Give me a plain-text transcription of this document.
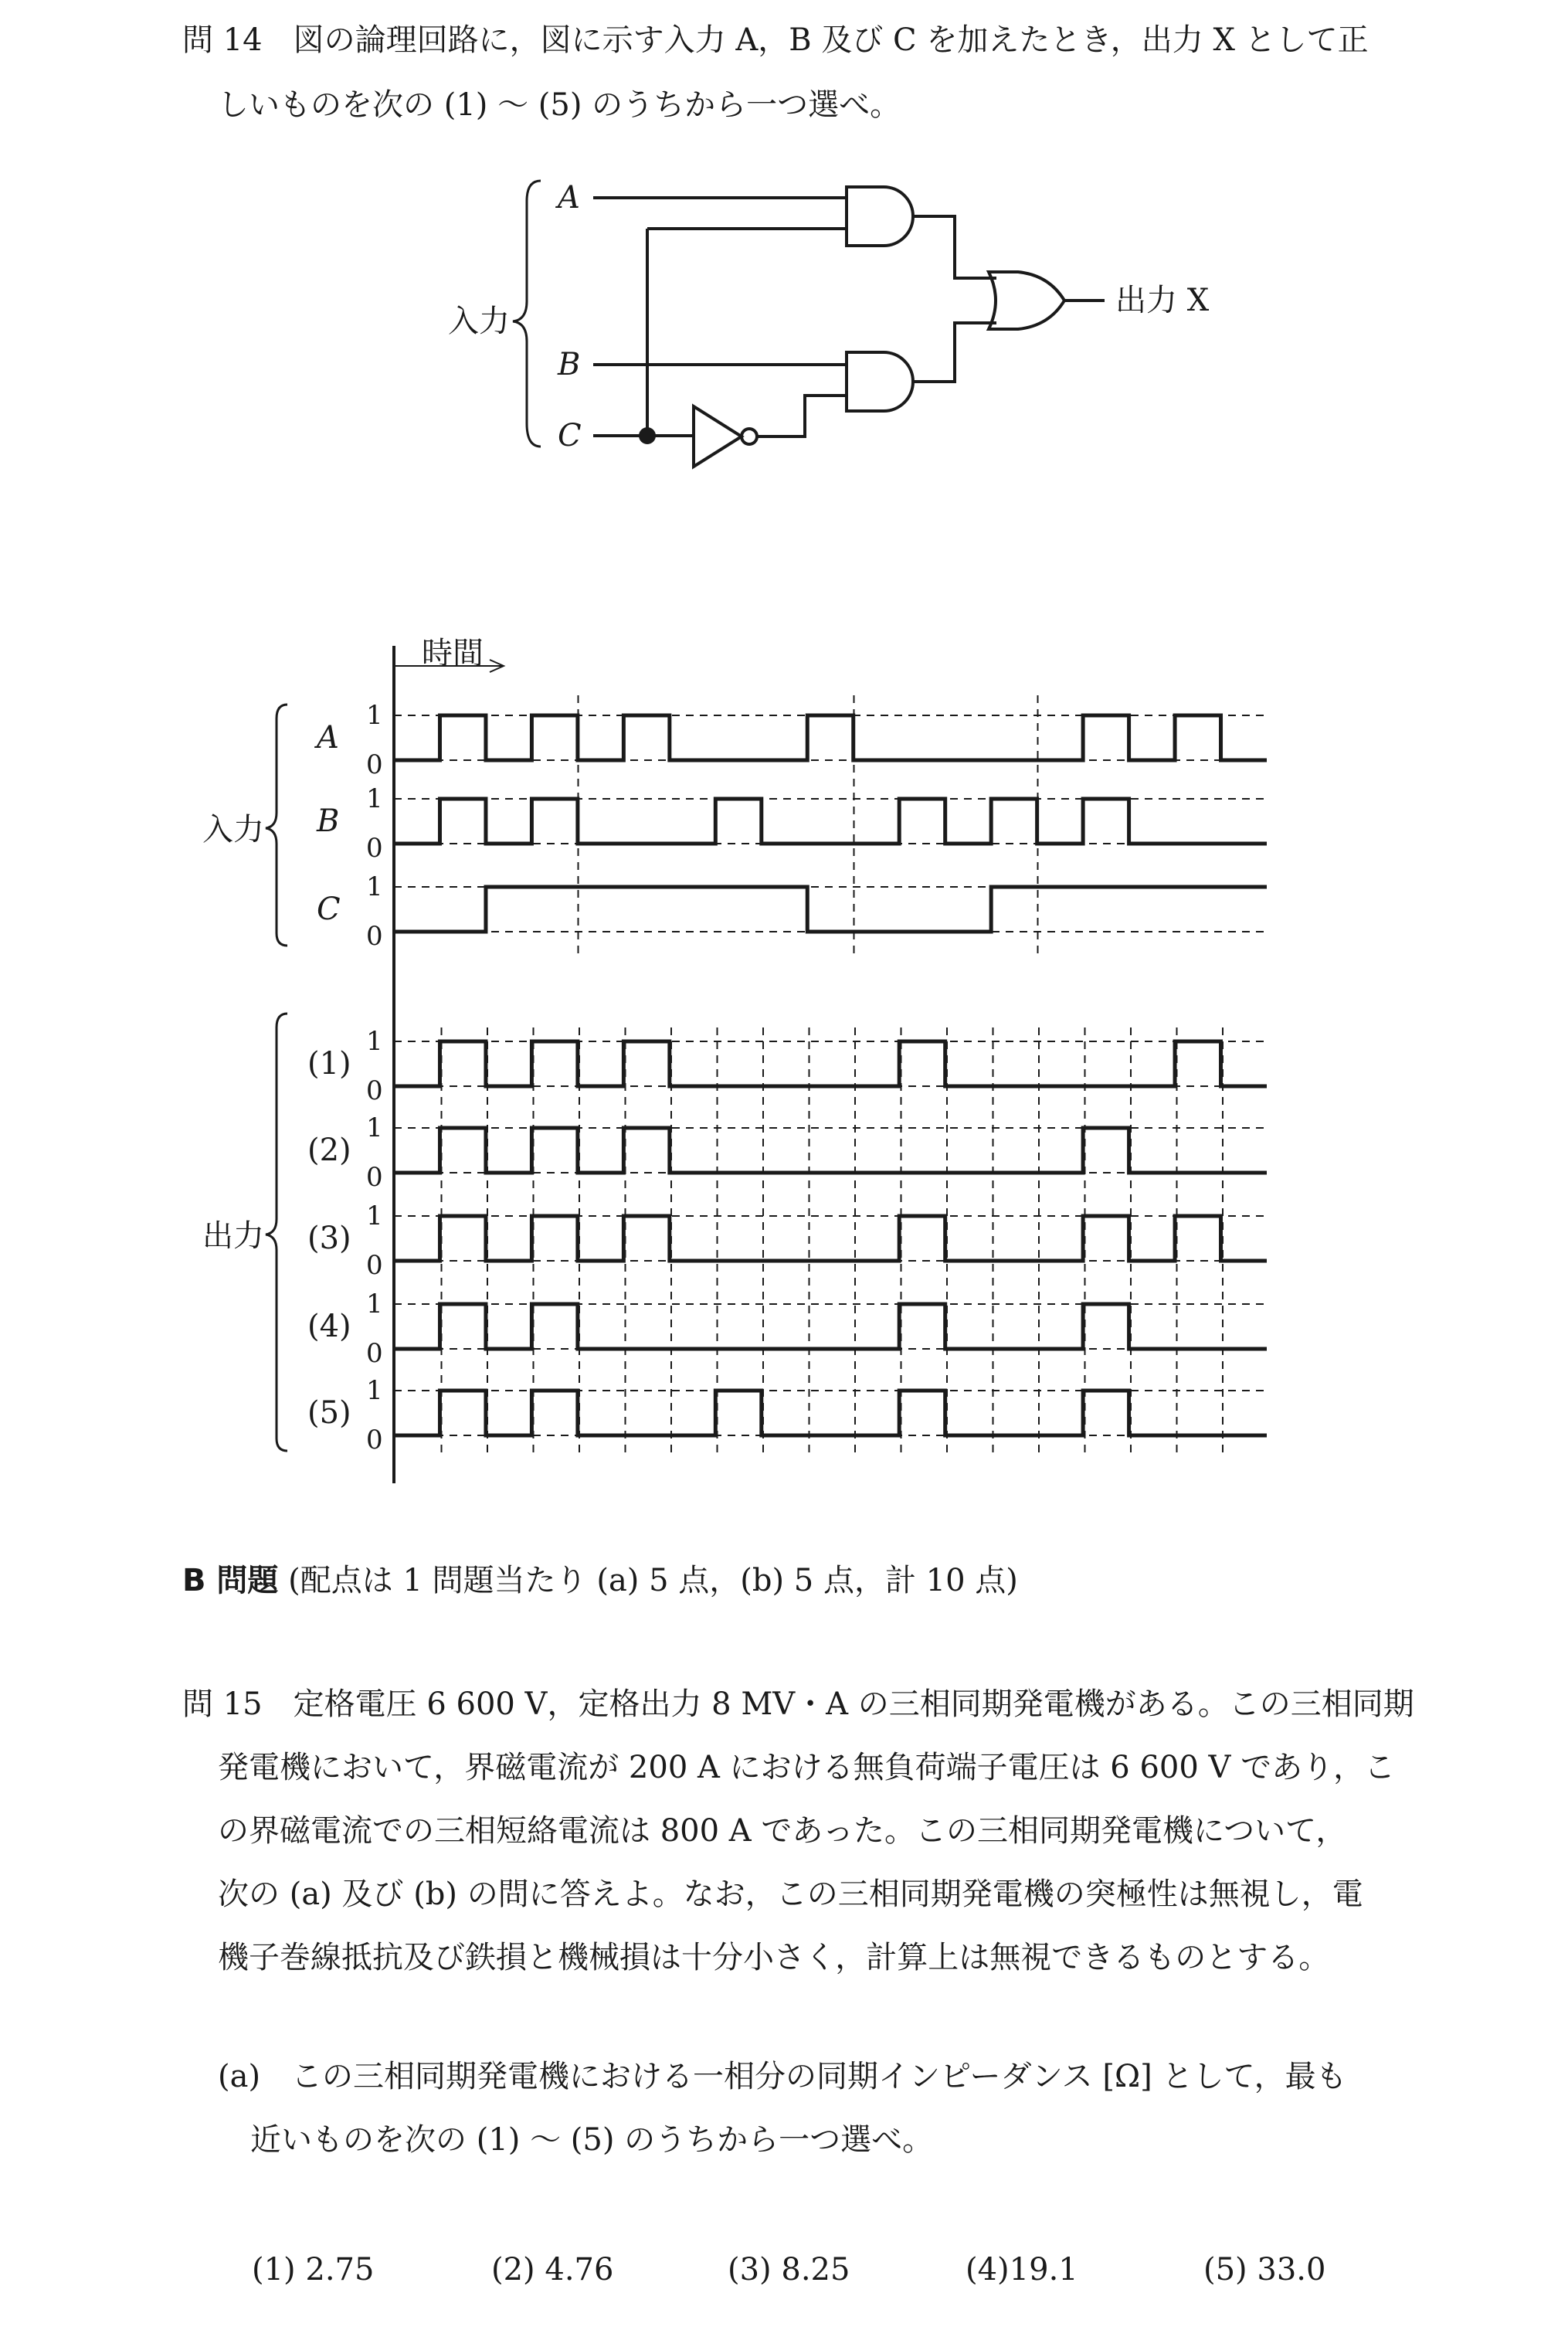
問 14　図の論理回路に，図に示す入力 A，B 及び C を加えたとき，出力 X として正
しいものを次の (1) ～ (5) のうちから一つ選べ。
入力
A
B
C
出力 X
時間
入力
出力
A
1
0
B
1
0
C
1
0
(1)
1
0
(2)
1
0
(3)
1
0
(4)
1
0
(5)
1
0
B 問題 (配点は 1 問題当たり (a) 5 点，(b) 5 点，計 10 点)
問 15　定格電圧 6 600 V，定格出力 8 MV・A の三相同期発電機がある。この三相同期
発電機において，界磁電流が 200 A における無負荷端子電圧は 6 600 V であり，こ
の界磁電流での三相短絡電流は 800 A であった。この三相同期発電機について，
次の (a) 及び (b) の問に答えよ。なお，この三相同期発電機の突極性は無視し，電
機子巻線抵抗及び鉄損と機械損は十分小さく，計算上は無視できるものとする。
(a)　この三相同期発電機における一相分の同期インピーダンス [Ω] として，最も
近いものを次の (1) ～ (5) のうちから一つ選べ。
(1) 2.75	(2) 4.76	(3) 8.25	(4)19.1	(5) 33.0
